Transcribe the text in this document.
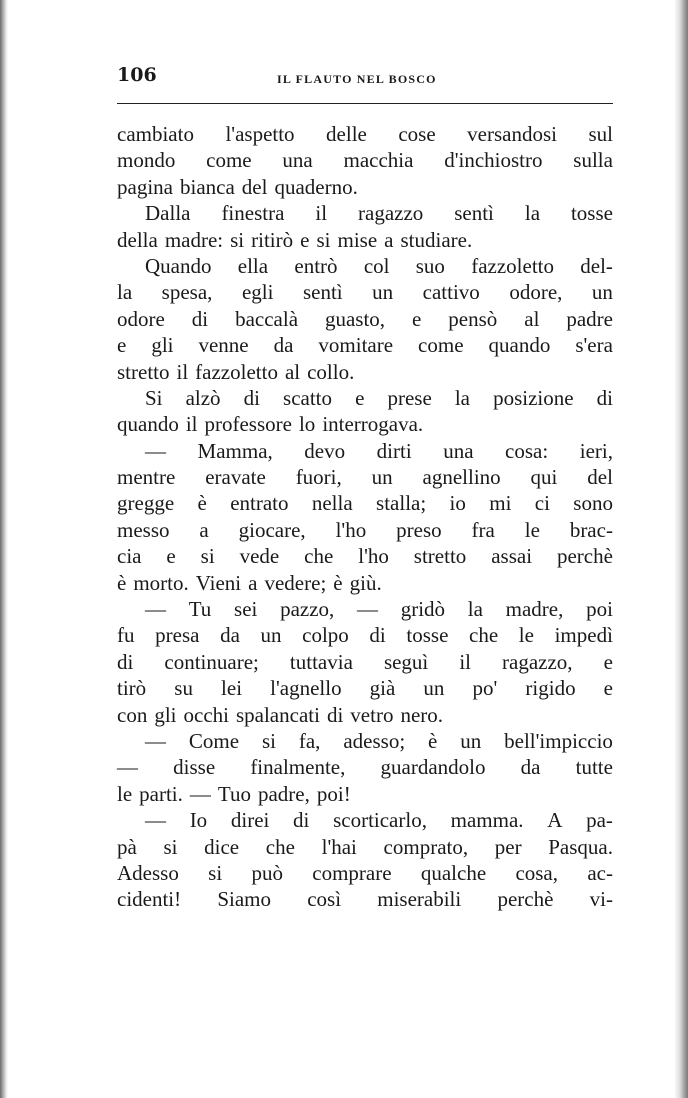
106	IL FLAUTO NEL BOSCO
cambiato l'aspetto delle cose versandosi sul
mondo come una macchia d'inchiostro sulla
pagina bianca del quaderno.
Dalla finestra il ragazzo sentì la tosse
della madre: si ritirò e si mise a studiare.
Quando ella entrò col suo fazzoletto del-
la spesa, egli sentì un cattivo odore, un
odore di baccalà guasto, e pensò al padre
e gli venne da vomitare come quando s'era
stretto il fazzoletto al collo.
Si alzò di scatto e prese la posizione di
quando il professore lo interrogava.
— Mamma, devo dirti una cosa: ieri,
mentre eravate fuori, un agnellino qui del
gregge è entrato nella stalla; io mi ci sono
messo a giocare, l'ho preso fra le brac-
cia e si vede che l'ho stretto assai perchè
è morto. Vieni a vedere; è giù.
— Tu sei pazzo, — gridò la madre, poi
fu presa da un colpo di tosse che le impedì
di continuare; tuttavia seguì il ragazzo, e
tirò su lei l'agnello già un po' rigido e
con gli occhi spalancati di vetro nero.
— Come si fa, adesso; è un bell'impiccio
— disse finalmente, guardandolo da tutte
le parti. — Tuo padre, poi!
— Io direi di scorticarlo, mamma. A pa-
pà si dice che l'hai comprato, per Pasqua.
Adesso si può comprare qualche cosa, ac-
cidenti! Siamo così miserabili perchè vi-
